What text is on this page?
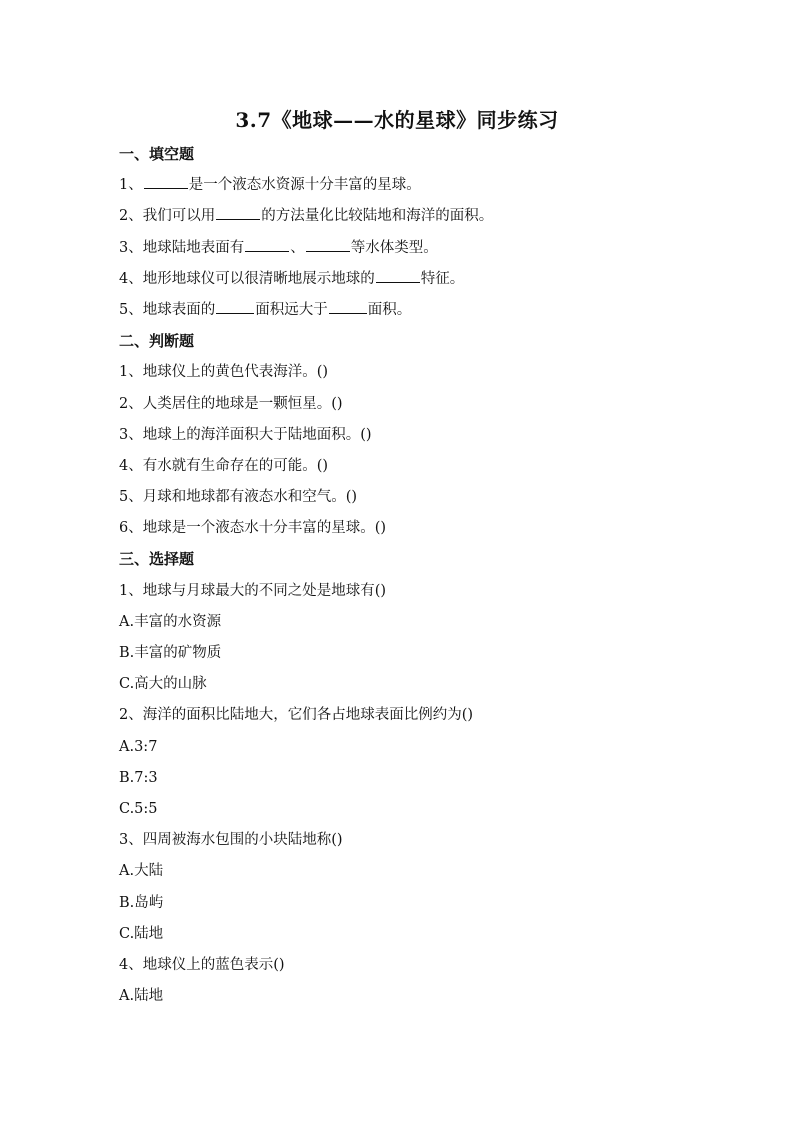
3.7《地球——水的星球》同步练习
一、填空题
1、	是一个液态水资源十分丰富的星球。
2、我们可以用	的方法量化比较陆地和海洋的面积。
3、地球陆地表面有	、	等水体类型。
4、地形地球仪可以很清晰地展示地球的	特征。
5、地球表面的	面积远大于	面积。
二、判断题
1、地球仪上的黄色代表海洋。()
2、人类居住的地球是一颗恒星。()
3、地球上的海洋面积大于陆地面积。()
4、有水就有生命存在的可能。()
5、月球和地球都有液态水和空气。()
6、地球是一个液态水十分丰富的星球。()
三、选择题
1、地球与月球最大的不同之处是地球有()
A.丰富的水资源
B.丰富的矿物质
C.高大的山脉
2、海洋的面积比陆地大，它们各占地球表面比例约为()
A.3:7
B.7:3
C.5:5
3、四周被海水包围的小块陆地称()
A.大陆
B.岛屿
C.陆地
4、地球仪上的蓝色表示()
A.陆地
